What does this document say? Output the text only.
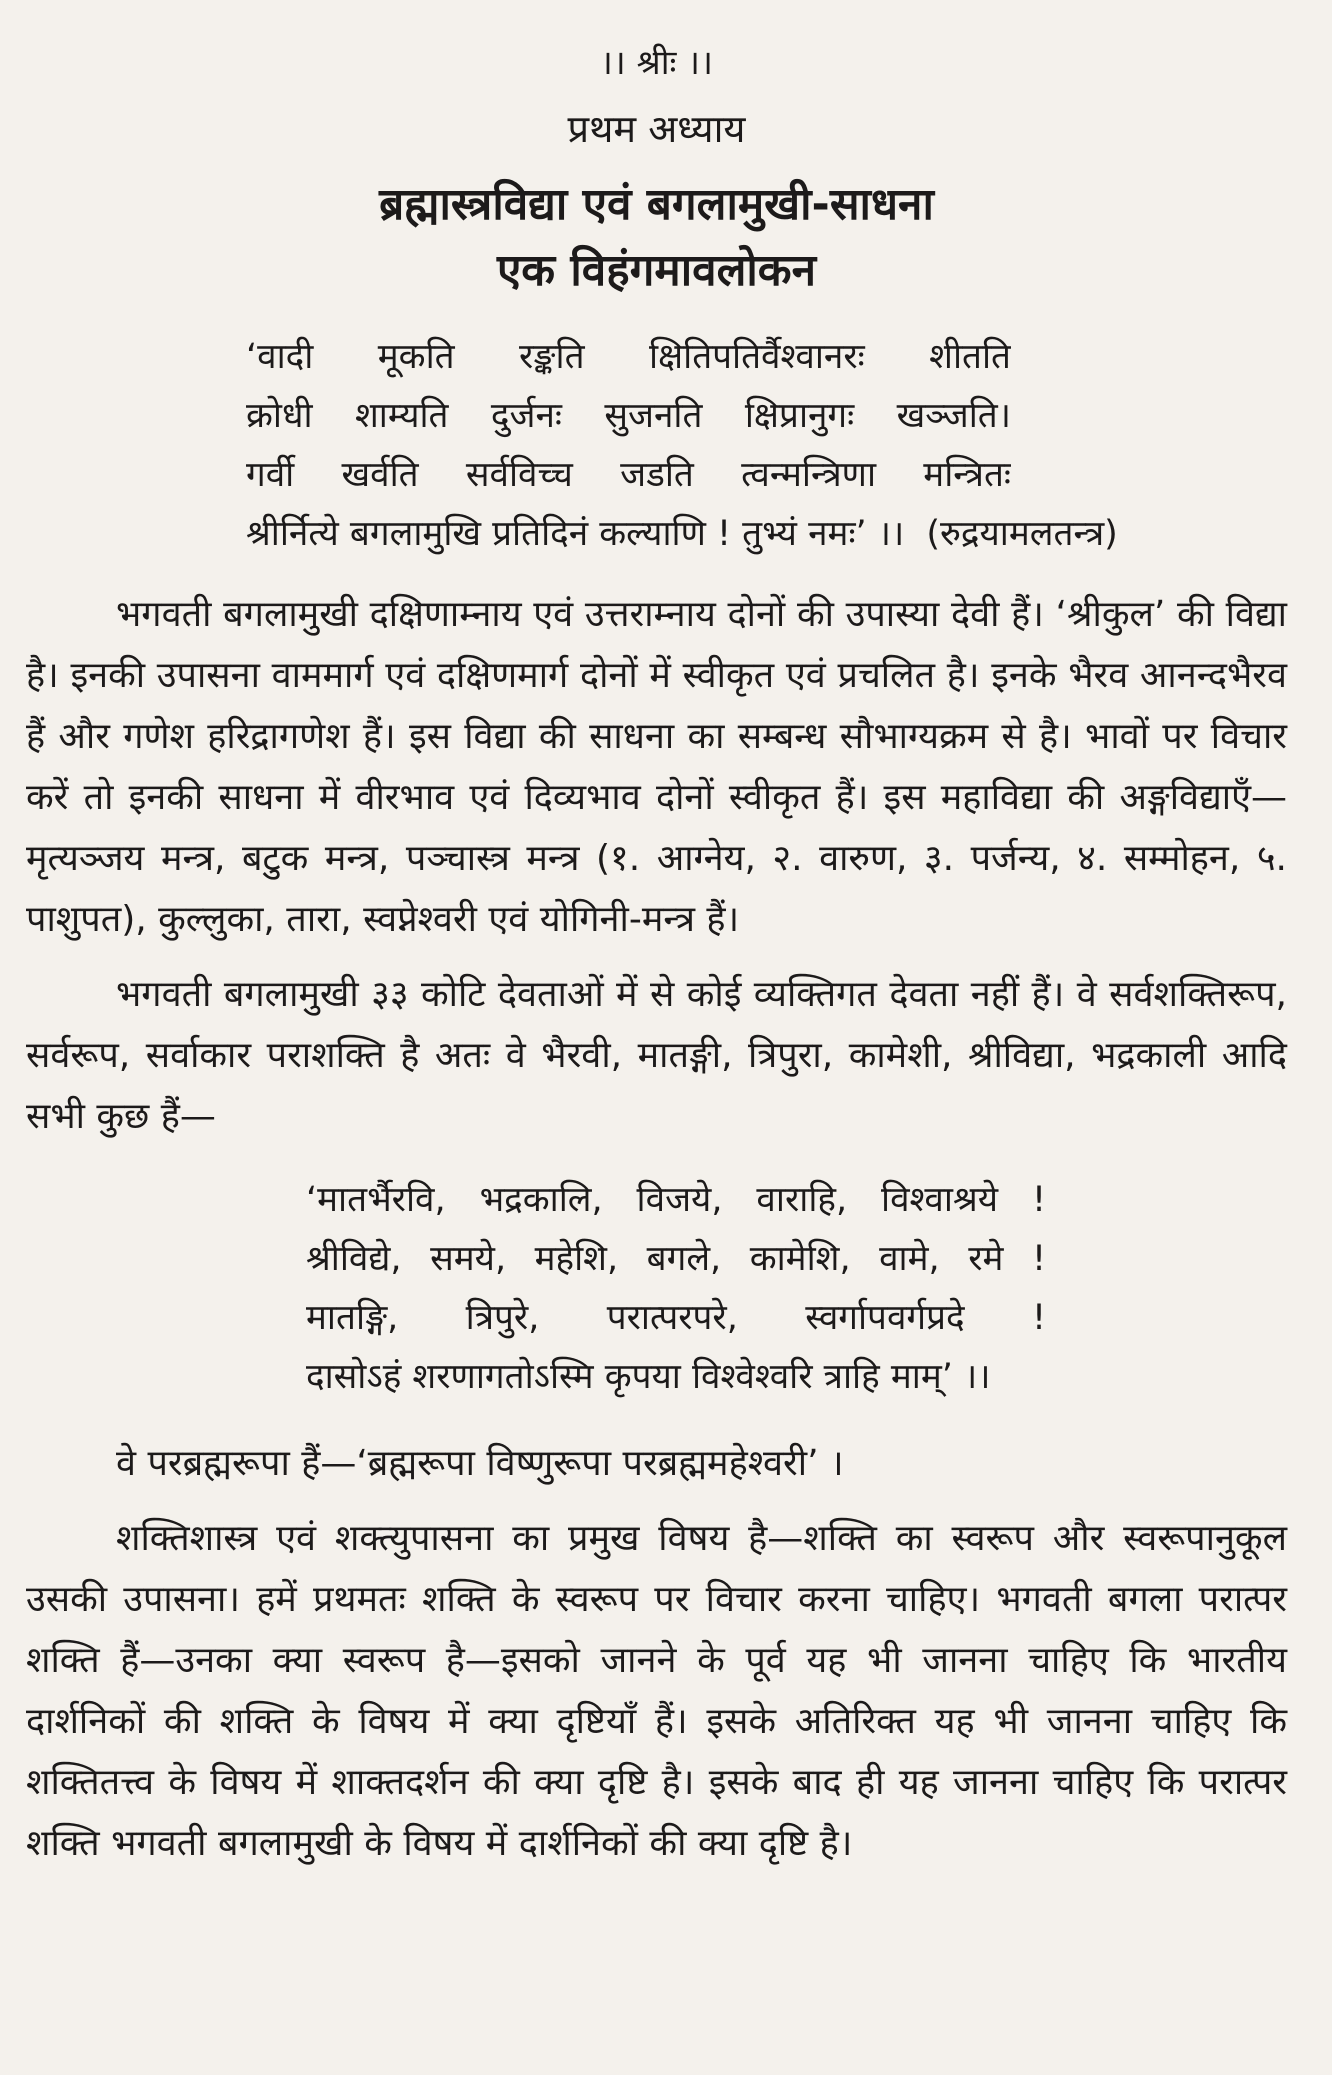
।। श्रीः ।।
प्रथम अध्याय
ब्रह्मास्त्रविद्या एवं बगलामुखी-साधना
एक विहंगमावलोकन
‘वादी मूकति रङ्कति क्षितिपतिर्वैश्वानरः शीतति
क्रोधी शाम्यति दुर्जनः सुजनति क्षिप्रानुगः खञ्जति।
गर्वी खर्वति सर्वविच्च जडति त्वन्मन्त्रिणा मन्त्रितः
श्रीर्नित्ये बगलामुखि प्रतिदिनं कल्याणि ! तुभ्यं नमः’ ।। (रुद्रयामलतन्त्र)

भगवती बगलामुखी दक्षिणाम्नाय एवं उत्तराम्नाय दोनों की उपास्या देवी हैं। ‘श्रीकुल’ की विद्या है। इनकी उपासना वाममार्ग एवं दक्षिणमार्ग दोनों में स्वीकृत एवं प्रचलित है। इनके भैरव आनन्दभैरव हैं और गणेश हरिद्रागणेश हैं। इस विद्या की साधना का सम्बन्ध सौभाग्यक्रम से है। भावों पर विचार करें तो इनकी साधना में वीरभाव एवं दिव्यभाव दोनों स्वीकृत हैं। इस महाविद्या की अङ्गविद्याएँ—मृत्यञ्जय मन्त्र, बटुक मन्त्र, पञ्चास्त्र मन्त्र (१. आग्नेय, २. वारुण, ३. पर्जन्य, ४. सम्मोहन, ५. पाशुपत), कुल्लुका, तारा, स्वप्नेश्वरी एवं योगिनी-मन्त्र हैं।

भगवती बगलामुखी ३३ कोटि देवताओं में से कोई व्यक्तिगत देवता नहीं हैं। वे सर्वशक्तिरूप, सर्वरूप, सर्वाकार पराशक्ति है अतः वे भैरवी, मातङ्गी, त्रिपुरा, कामेशी, श्रीविद्या, भद्रकाली आदि सभी कुछ हैं—

‘मातर्भैरवि, भद्रकालि, विजये, वाराहि, विश्वाश्रये !
श्रीविद्ये, समये, महेशि, बगले, कामेशि, वामे, रमे !
मातङ्गि, त्रिपुरे, परात्परपरे, स्वर्गापवर्गप्रदे !
दासोऽहं शरणागतोऽस्मि कृपया विश्वेश्वरि त्राहि माम्’ ।।

वे परब्रह्मरूपा हैं—‘ब्रह्मरूपा विष्णुरूपा परब्रह्ममहेश्वरी’ ।

शक्तिशास्त्र एवं शक्त्युपासना का प्रमुख विषय है—शक्ति का स्वरूप और स्वरूपानुकूल उसकी उपासना। हमें प्रथमतः शक्ति के स्वरूप पर विचार करना चाहिए। भगवती बगला परात्पर शक्ति हैं—उनका क्या स्वरूप है—इसको जानने के पूर्व यह भी जानना चाहिए कि भारतीय दार्शनिकों की शक्ति के विषय में क्या दृष्टियाँ हैं। इसके अतिरिक्त यह भी जानना चाहिए कि शक्तितत्त्व के विषय में शाक्तदर्शन की क्या दृष्टि है। इसके बाद ही यह जानना चाहिए कि परात्पर शक्ति भगवती बगलामुखी के विषय में दार्शनिकों की क्या दृष्टि है।
